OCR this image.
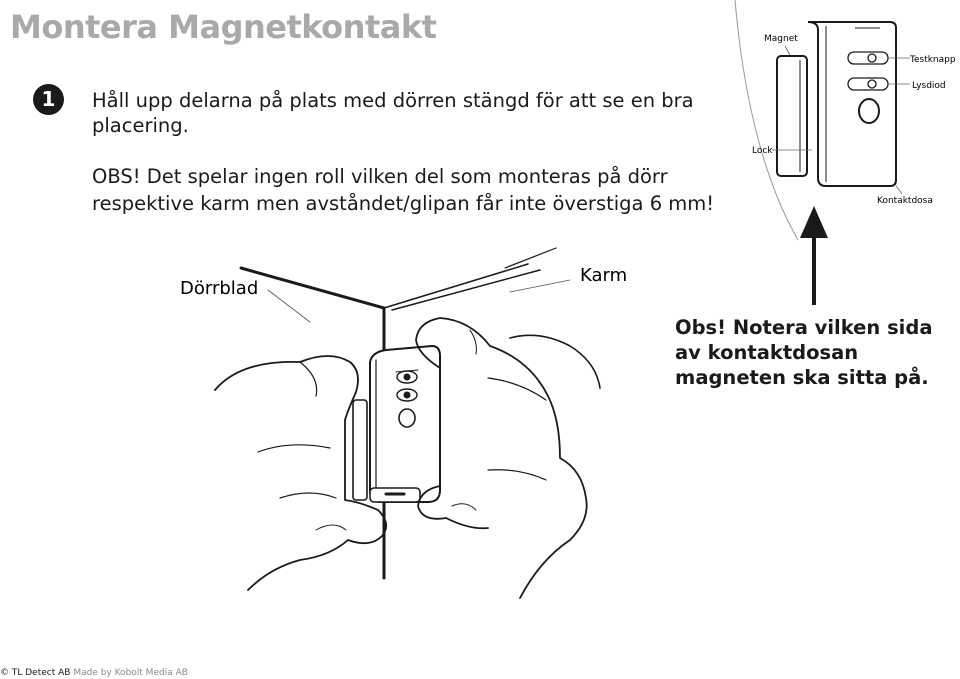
Montera Magnetkontakt
1	Håll upp delarna på plats med dörren stängd för att se en bra placering.
OBS! Det spelar ingen roll vilken del som monteras på dörr respektive karm men avståndet/glipan får inte överstiga 6 mm!
Magnet
Testknapp
Lysdiod
Lock
Kontaktdosa
Dörrblad
Karm
Obs! Notera vilken sida av kontaktdosan magneten ska sitta på.
© TL Detect AB Made by Kobolt Media AB
